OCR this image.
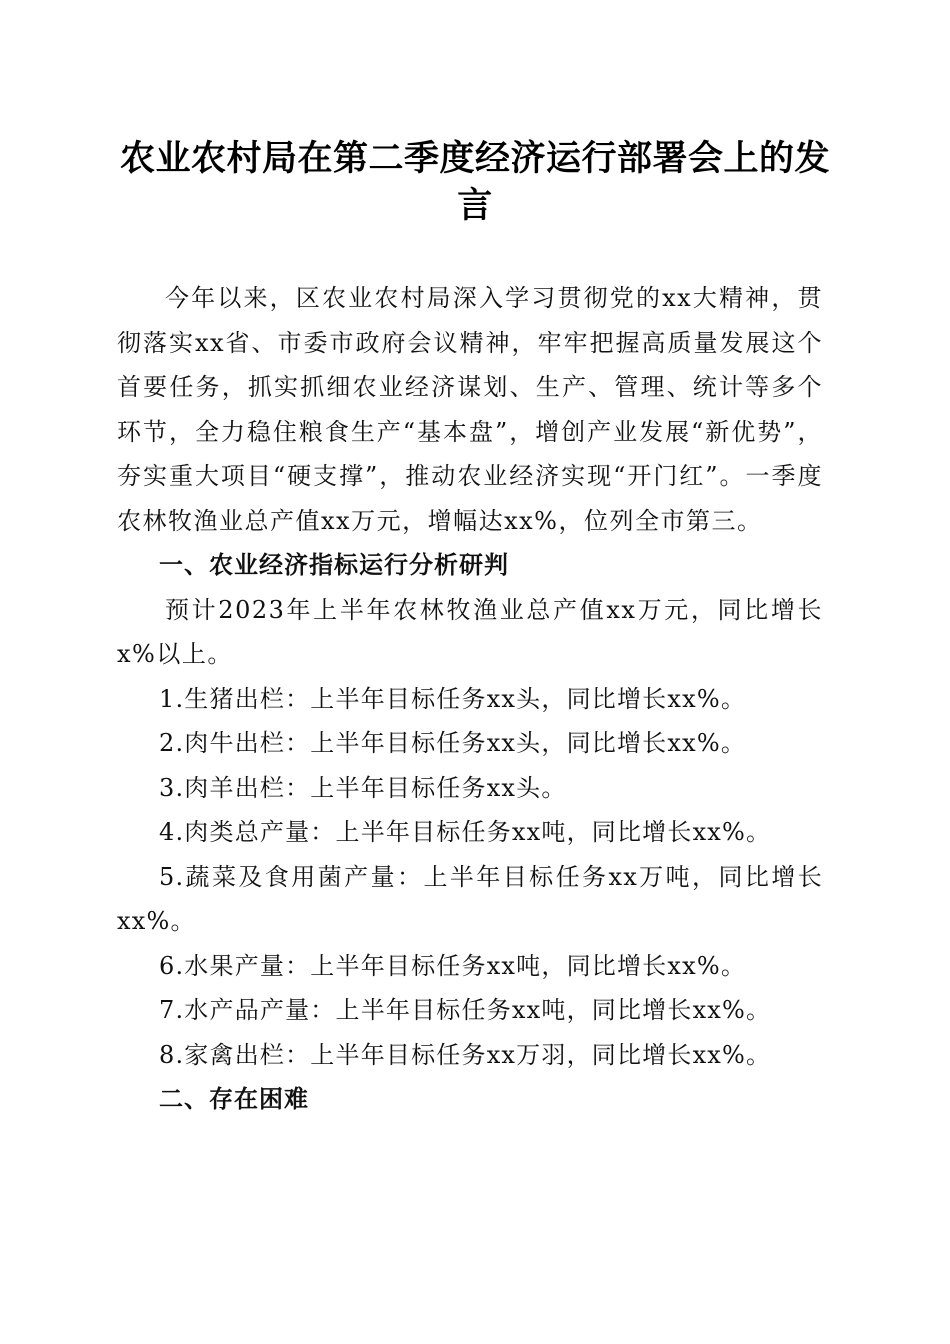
农业农村局在第二季度经济运行部署会上的发言

今年以来，区农业农村局深入学习贯彻党的xx大精神，贯彻落实xx省、市委市政府会议精神，牢牢把握高质量发展这个首要任务，抓实抓细农业经济谋划、生产、管理、统计等多个环节，全力稳住粮食生产“基本盘”，增创产业发展“新优势”，夯实重大项目“硬支撑”，推动农业经济实现“开门红”。一季度农林牧渔业总产值xx万元，增幅达xx%，位列全市第三。

一、农业经济指标运行分析研判

预计2023年上半年农林牧渔业总产值xx万元，同比增长x%以上。

1.生猪出栏：上半年目标任务xx头，同比增长xx%。

2.肉牛出栏：上半年目标任务xx头，同比增长xx%。

3.肉羊出栏：上半年目标任务xx头。

4.肉类总产量：上半年目标任务xx吨，同比增长xx%。

5.蔬菜及食用菌产量：上半年目标任务xx万吨，同比增长xx%。

6.水果产量：上半年目标任务xx吨，同比增长xx%。

7.水产品产量：上半年目标任务xx吨，同比增长xx%。

8.家禽出栏：上半年目标任务xx万羽，同比增长xx%。

二、存在困难
